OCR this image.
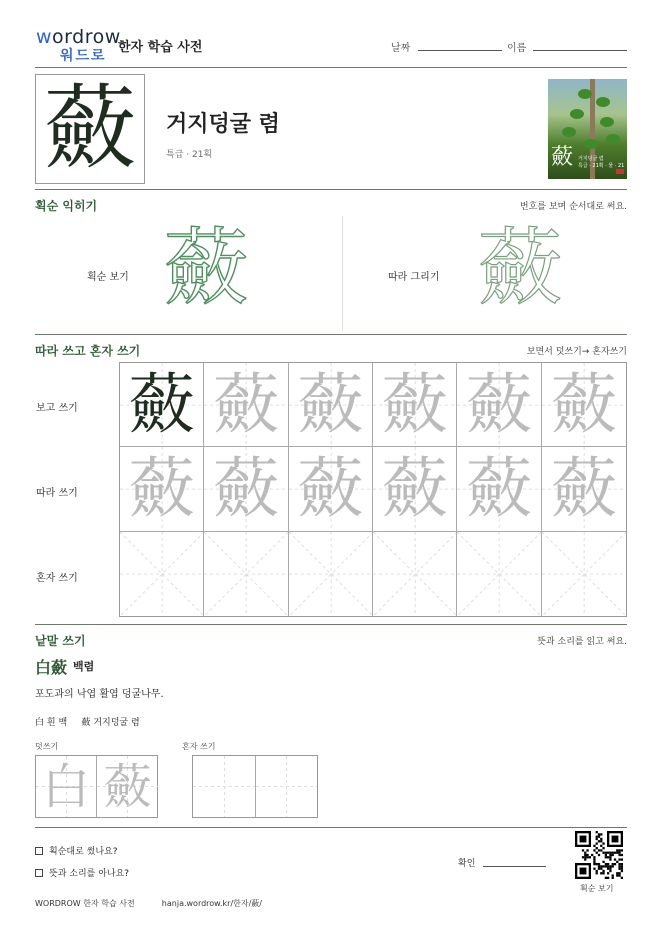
wordrow
워드로
한자 학습 사전	날짜	이름
蘞 거지덩굴 렴
특급 · 21획	蘞 거지덩굴 렴
특급 · 21획 · 물 · 21
획순 익히기	번호를 보며 순서대로 써요.
획순 보기 蘞	따라 그리기 蘞
따라 쓰고 혼자 쓰기	보면서 덧쓰기→ 혼자쓰기
보고 쓰기
따라 쓰기
혼자 쓰기
蘞 蘞 蘞 蘞 蘞 蘞
蘞 蘞 蘞 蘞 蘞 蘞
낱말 쓰기	뜻과 소리를 읽고 써요.
白蘞 백렴
포도과의 낙엽 활엽 덩굴나무.
白 흰 백 蘞 거지덩굴 렴
덧쓰기	혼자 쓰기
白 蘞
획순대로 썼나요?
뜻과 소리를 아나요?
확인
획순 보기
WORDROW 한자 학습 사전	hanja.wordrow.kr/한자/蘞/
